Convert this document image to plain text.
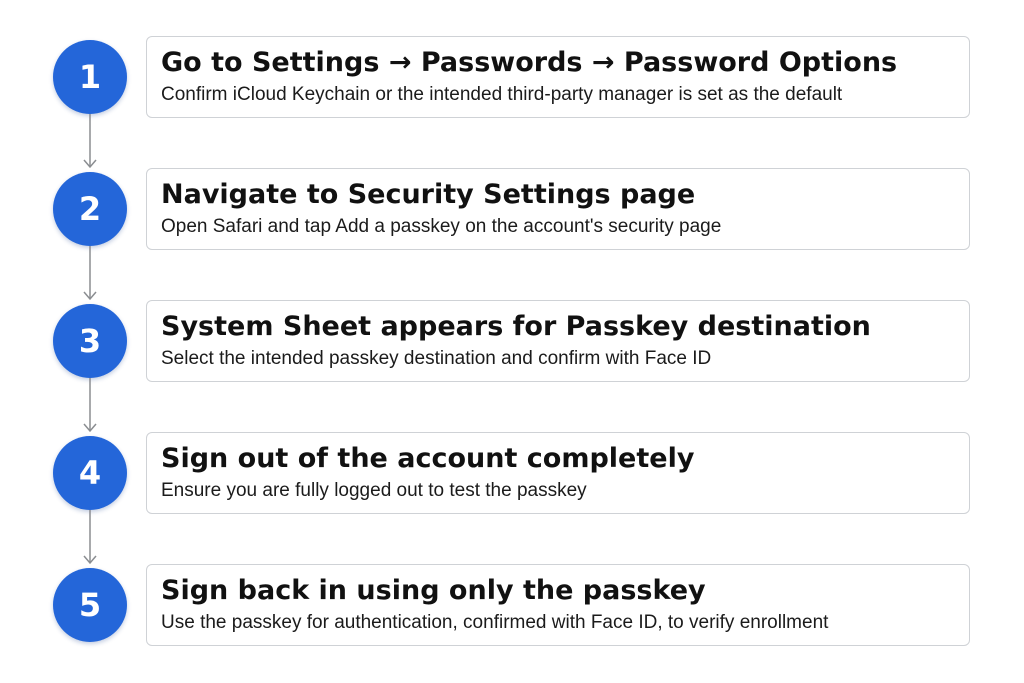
1 Go to Settings → Passwords → Password Options
Confirm iCloud Keychain or the intended third-party manager is set as the default
2 Navigate to Security Settings page
Open Safari and tap Add a passkey on the account's security page
3 System Sheet appears for Passkey destination
Select the intended passkey destination and confirm with Face ID
4 Sign out of the account completely
Ensure you are fully logged out to test the passkey
5 Sign back in using only the passkey
Use the passkey for authentication, confirmed with Face ID, to verify enrollment
